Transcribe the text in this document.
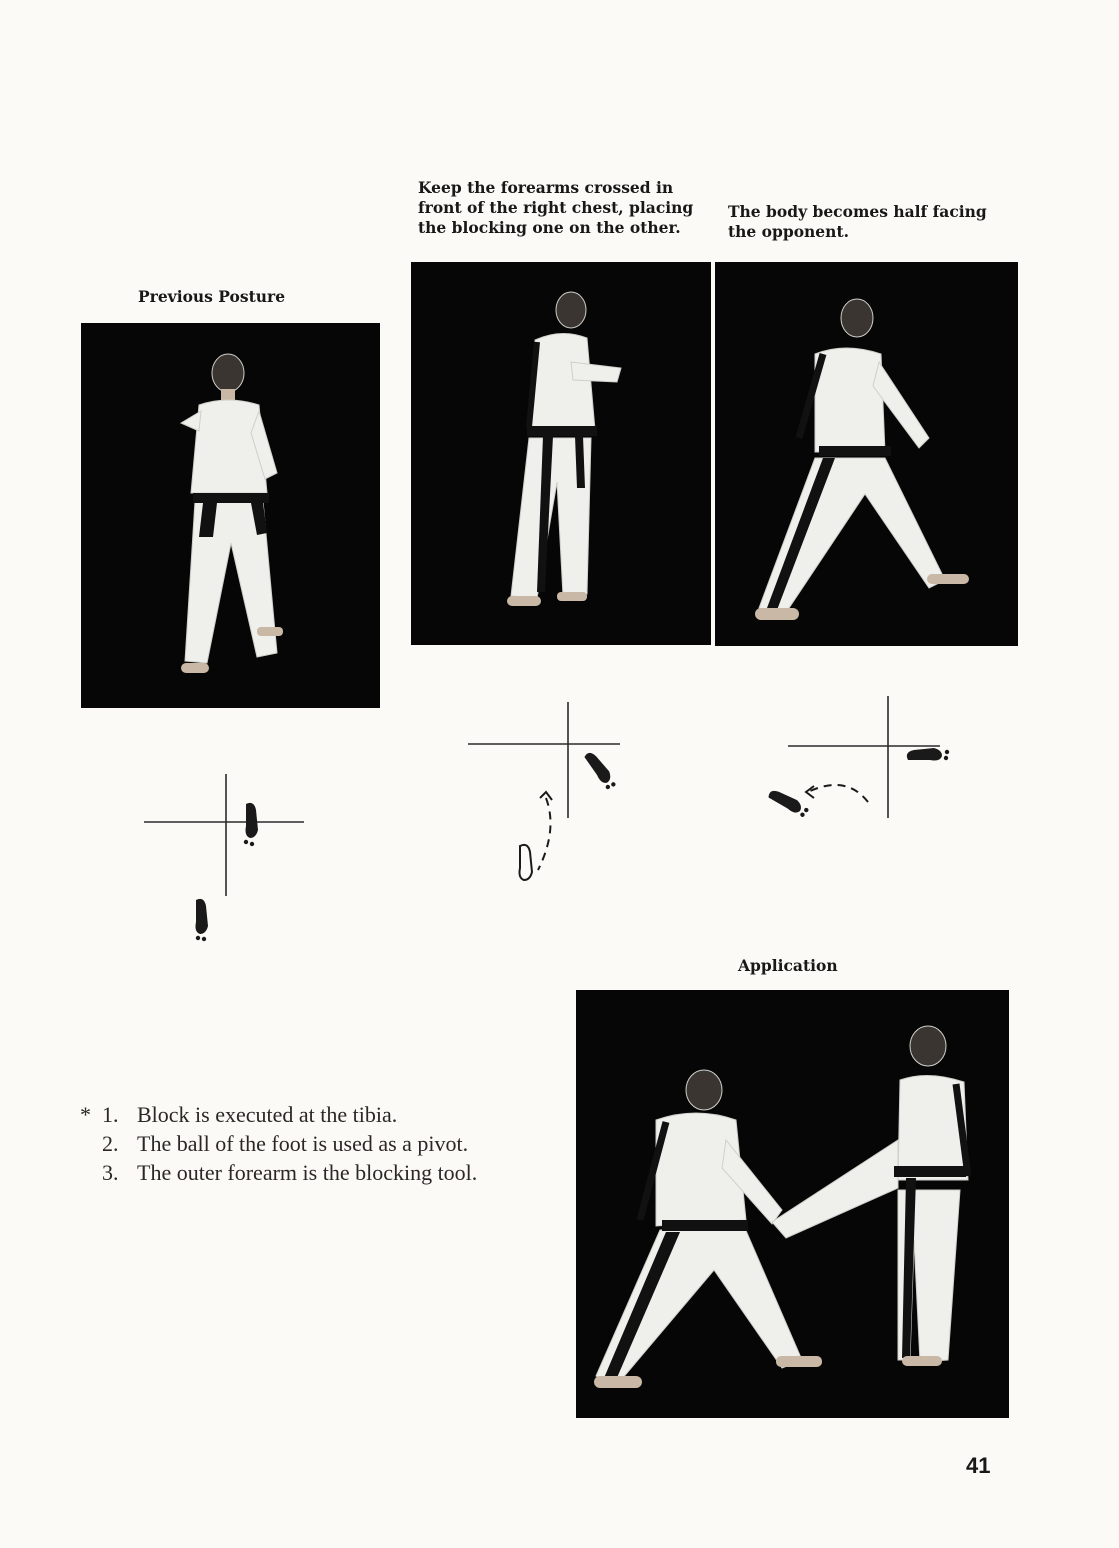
Keep the forearms crossed in
front of the right chest, placing
the blocking one on the other.
The body becomes half facing
the opponent.
Previous Posture
Application
* 1. Block is executed at the tibia.
2. The ball of the foot is used as a pivot.
3. The outer forearm is the blocking tool.
41
